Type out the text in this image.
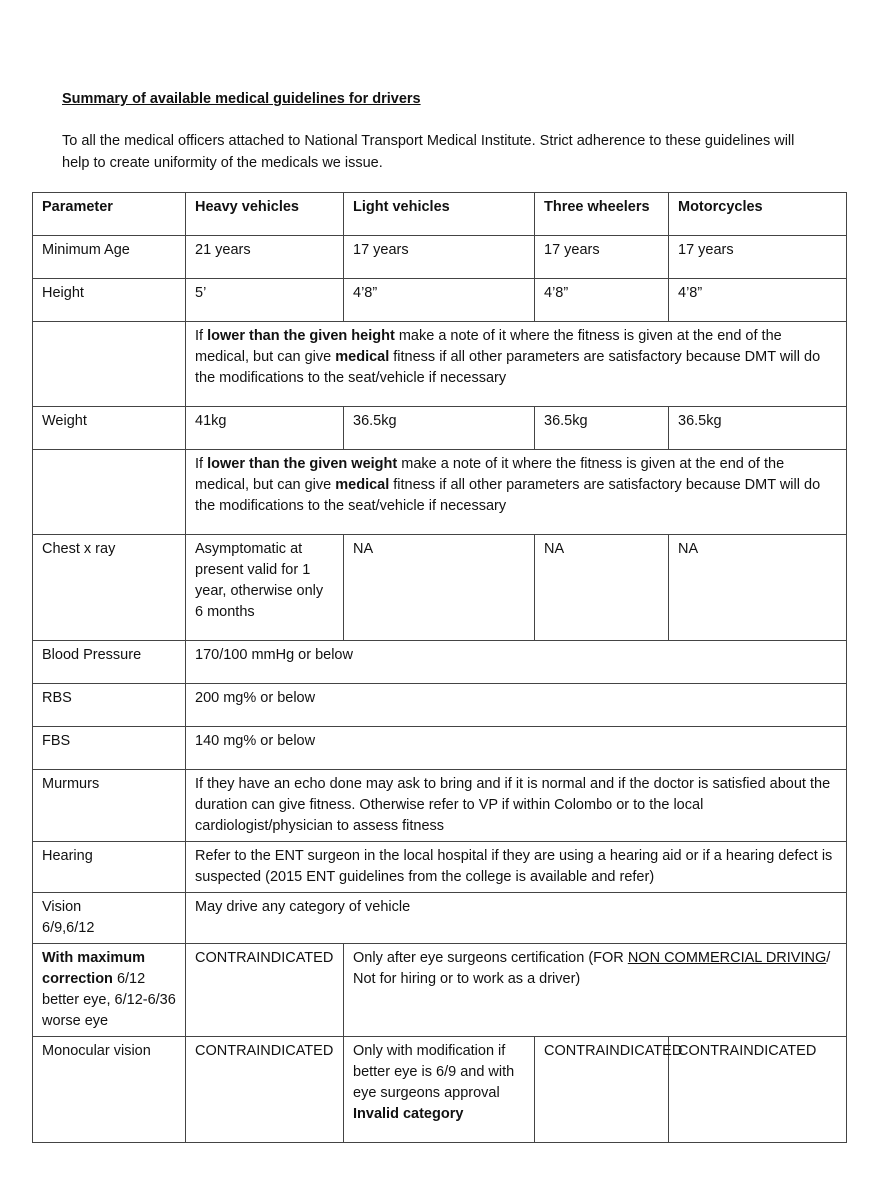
Summary of available medical guidelines for drivers
To all the medical officers attached to National Transport Medical Institute. Strict adherence to these guidelines will help to create uniformity of the medicals we issue.
Parameter	Heavy vehicles	Light vehicles	Three wheelers	Motorcycles
Minimum Age	21 years	17 years	17 years	17 years
Height	5’	4’8”	4’8”	4’8”
	If lower than the given height make a note of it where the fitness is given at the end of the medical, but can give medical fitness if all other parameters are satisfactory because DMT will do the modifications to the seat/vehicle if necessary			
Weight	41kg	36.5kg	36.5kg	36.5kg
	If lower than the given weight make a note of it where the fitness is given at the end of the medical, but can give medical fitness if all other parameters are satisfactory because DMT will do the modifications to the seat/vehicle if necessary			
Chest x ray	Asymptomatic at present valid for 1 year, otherwise only 6 months	NA	NA	NA
Blood Pressure	170/100 mmHg or below			
RBS	200 mg% or below			
FBS	140 mg% or below			
Murmurs	If they have an echo done may ask to bring and if it is normal and if the doctor is satisfied about the duration can give fitness. Otherwise refer to VP if within Colombo or to the local cardiologist/physician to assess fitness			
Hearing	Refer to the ENT surgeon in the local hospital if they are using a hearing aid or if a hearing defect is suspected (2015 ENT guidelines from the college is available and refer)			
Vision
6/9,6/12	May drive any category of vehicle			
With maximum correction 6/12 better eye, 6/12-6/36 worse eye	CONTRAINDICATED	Only after eye surgeons certification (FOR NON COMMERCIAL DRIVING/ Not for hiring or to work as a driver)		
Monocular vision	CONTRAINDICATED	Only with modification if better eye is 6/9 and with eye surgeons approval Invalid category	CONTRAINDICATED	CONTRAINDICATED
